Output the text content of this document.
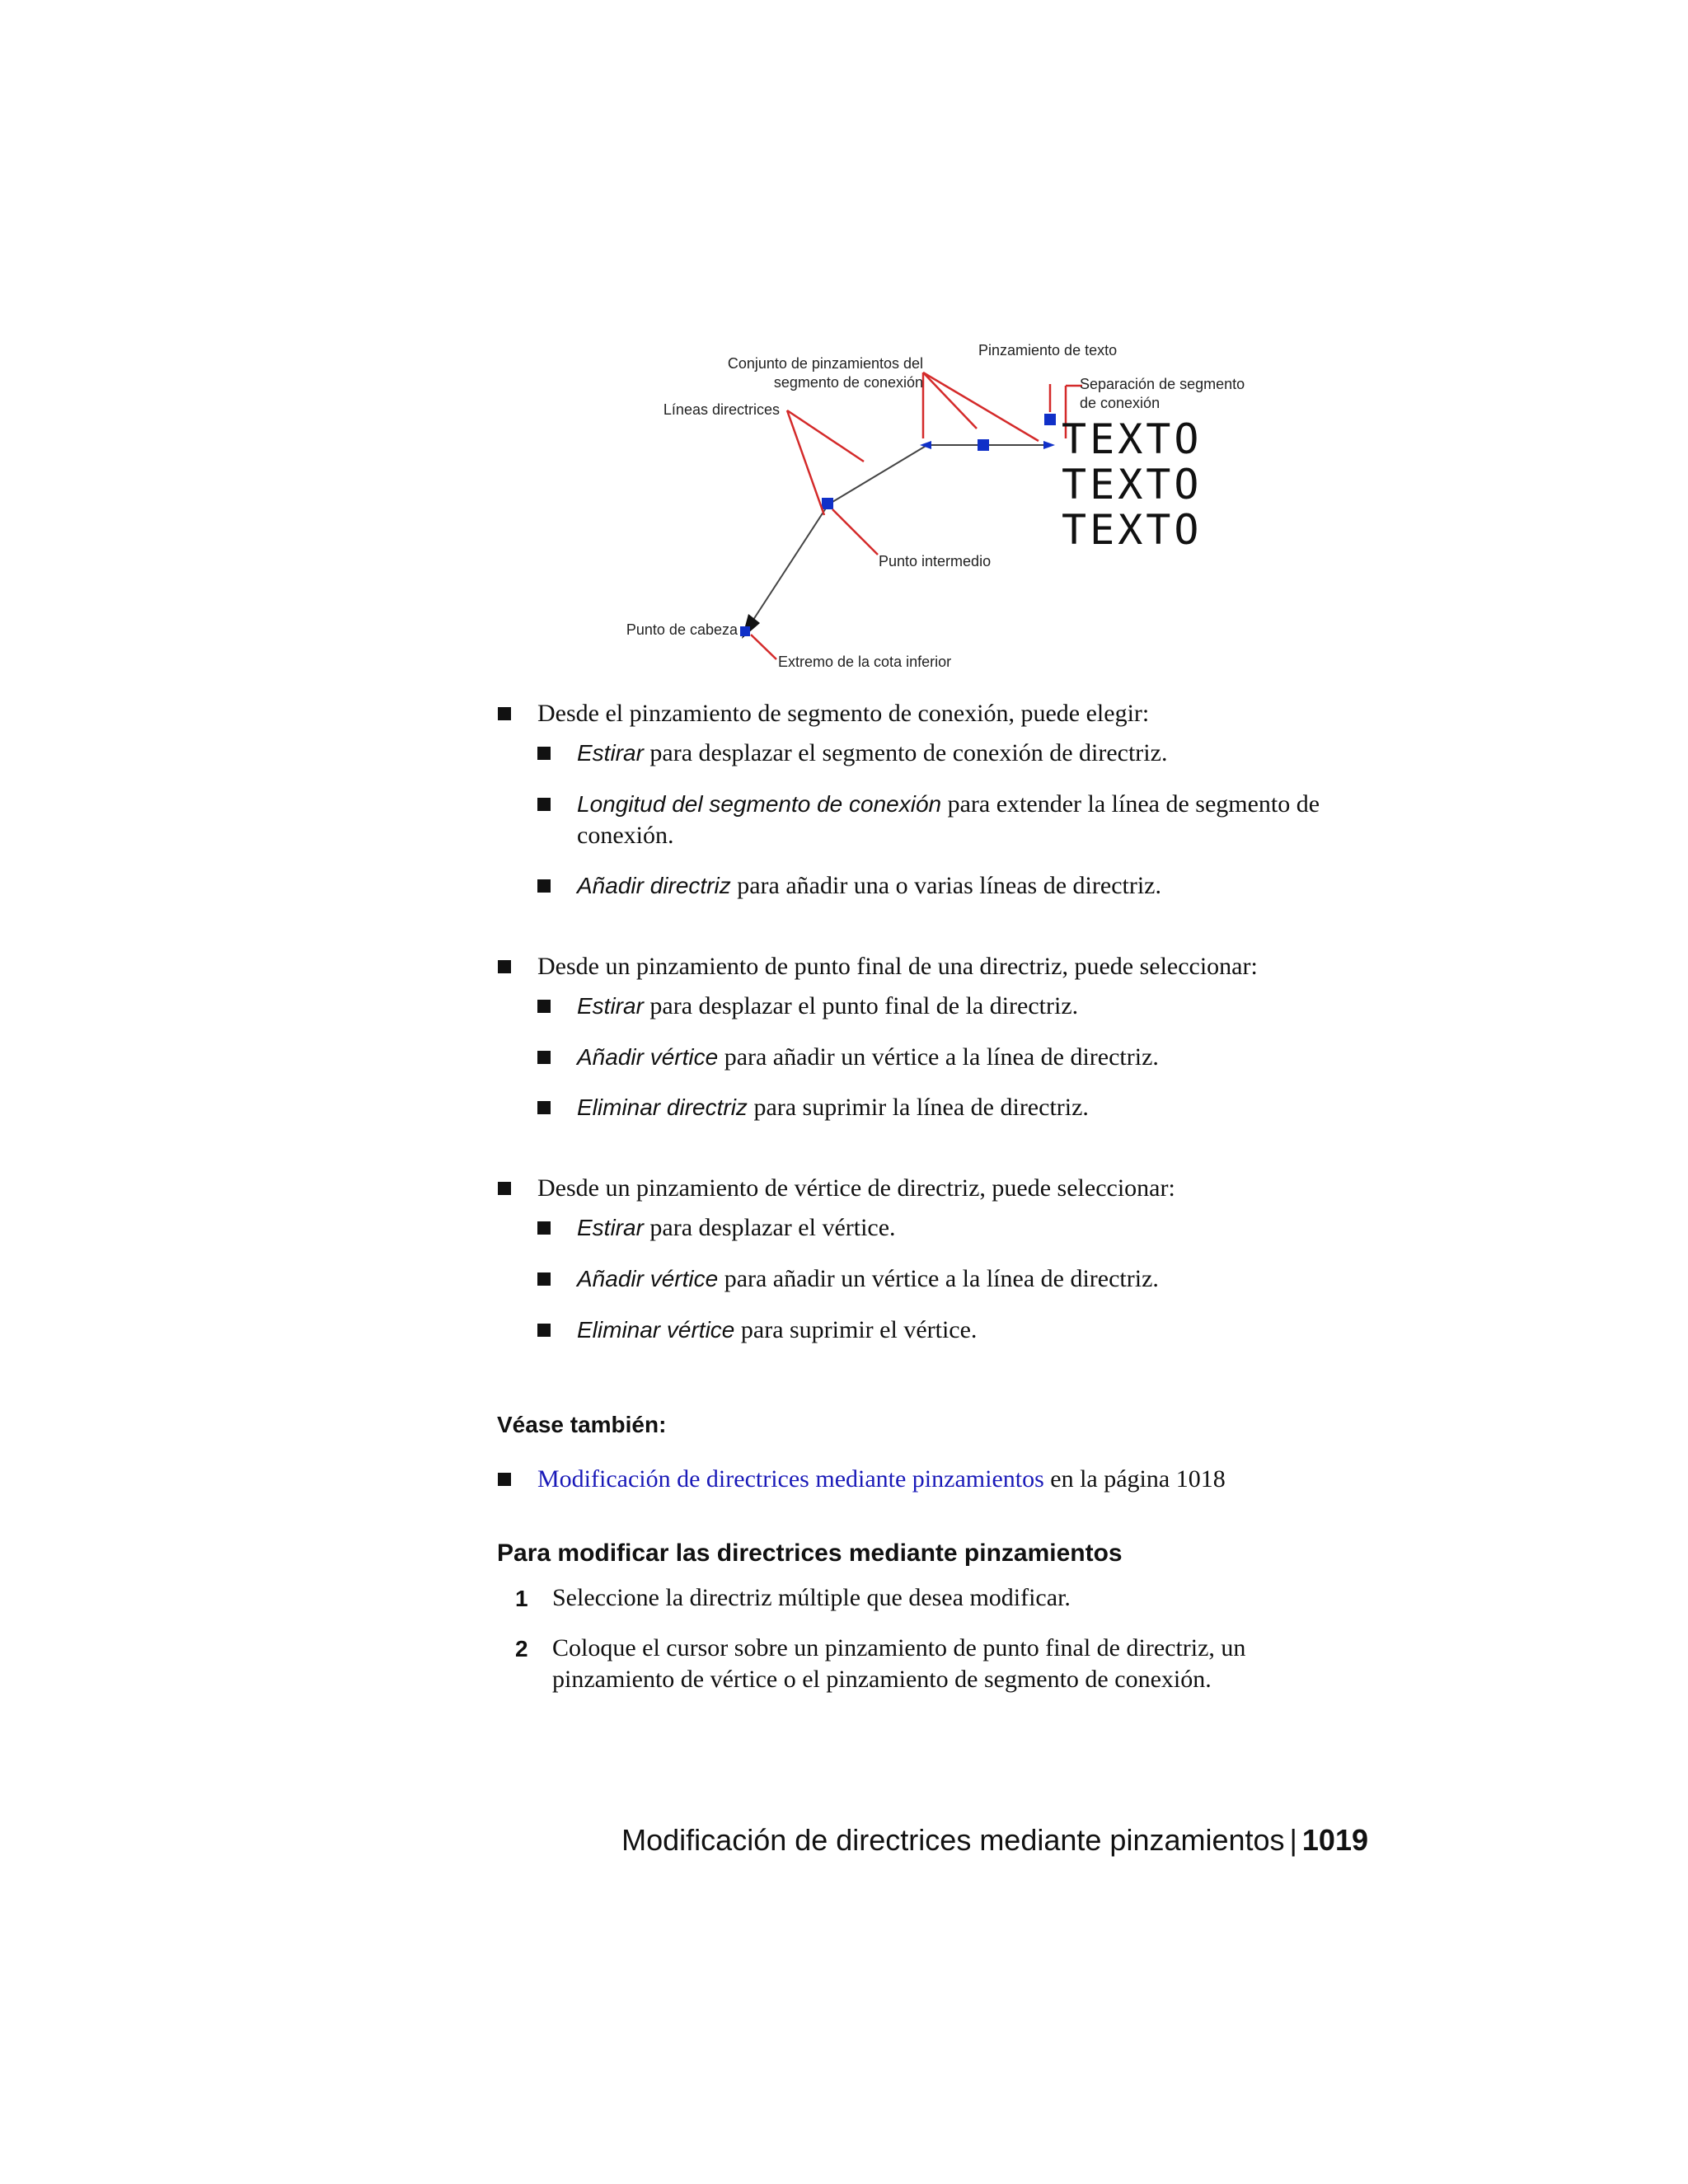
Conjunto de pinzamientos del
segmento de conexión
Líneas directrices
Pinzamiento de texto
Separación de segmento
de conexión
Punto intermedio
Punto de cabeza
Extremo de la cota inferior
TEXTO
TEXTO
TEXTO
Desde el pinzamiento de segmento de conexión, puede elegir:
Estirar para desplazar el segmento de conexión de directriz.
Longitud del segmento de conexión para extender la línea de segmento de
conexión.
Añadir directriz para añadir una o varias líneas de directriz.
Desde un pinzamiento de punto final de una directriz, puede seleccionar:
Estirar para desplazar el punto final de la directriz.
Añadir vértice para añadir un vértice a la línea de directriz.
Eliminar directriz para suprimir la línea de directriz.
Desde un pinzamiento de vértice de directriz, puede seleccionar:
Estirar para desplazar el vértice.
Añadir vértice para añadir un vértice a la línea de directriz.
Eliminar vértice para suprimir el vértice.
Véase también:
Modificación de directrices mediante pinzamientos en la página 1018
Para modificar las directrices mediante pinzamientos
1 Seleccione la directriz múltiple que desea modificar.
2 Coloque el cursor sobre un pinzamiento de punto final de directriz, un
pinzamiento de vértice o el pinzamiento de segmento de conexión.
Modificación de directrices mediante pinzamientos | 1019
